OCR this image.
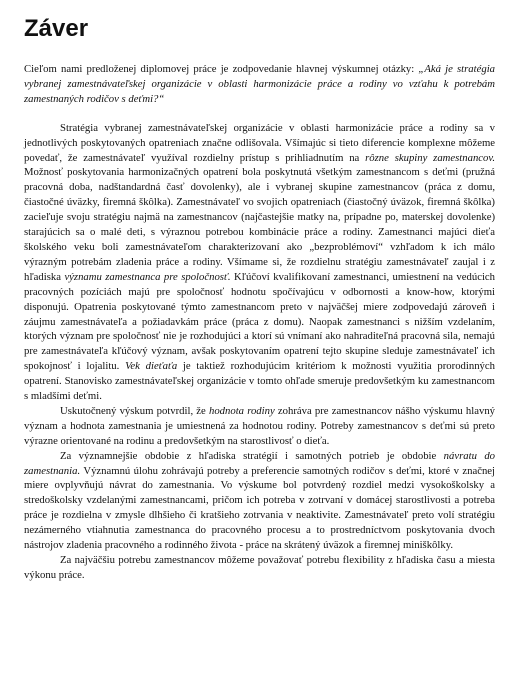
Záver

Cieľom nami predloženej diplomovej práce je zodpovedanie hlavnej výskumnej otázky: „Aká je stratégia vybranej zamestnávateľskej organizácie v oblasti harmonizácie práce a rodiny vo vzťahu k potrebám zamestnaných rodičov s deťmi?“

Stratégia vybranej zamestnávateľskej organizácie v oblasti harmonizácie práce a rodiny sa v jednotlivých poskytovaných opatreniach značne odlišovala. Všímajúc si tieto diferencie komplexne môžeme povedať, že zamestnávateľ využíval rozdielny prístup s prihliadnutím na rôzne skupiny zamestnancov. Možnosť poskytovania harmonizačných opatrení bola poskytnutá všetkým zamestnancom s deťmi (pružná pracovná doba, nadštandardná časť dovolenky), ale i vybranej skupine zamestnancov (práca z domu, čiastočné úväzky, firemná škôlka). Zamestnávateľ vo svojich opatreniach (čiastočný úväzok, firemná škôlka) zacieľuje svoju stratégiu najmä na zamestnancov (najčastejšie matky na, prípadne po, materskej dovolenke) starajúcich sa o malé deti, s výraznou potrebou kombinácie práce a rodiny. Zamestnanci majúci dieťa školského veku boli zamestnávateľom charakterizovaní ako „bezproblémoví“ vzhľadom k ich málo výrazným potrebám zladenia práce a rodiny. Všímame si, že rozdielnu stratégiu zamestnávateľ zaujal i z hľadiska významu zamestnanca pre spoločnosť. Kľúčoví kvalifikovaní zamestnanci, umiestnení na vedúcich pracovných pozíciách majú pre spoločnosť hodnotu spočívajúcu v odbornosti a know-how, ktorými disponujú. Opatrenia poskytované týmto zamestnancom preto v najväčšej miere zodpovedajú zároveň i záujmu zamestnávateľa a požiadavkám práce (práca z domu). Naopak zamestnanci s nižším vzdelaním, ktorých význam pre spoločnosť nie je rozhodujúci a ktorí sú vnímaní ako nahraditeľná pracovná sila, nemajú pre zamestnávateľa kľúčový význam, avšak poskytovaním opatrení tejto skupine sleduje zamestnávateľ ich spokojnosť i lojalitu. Vek dieťaťa je taktiež rozhodujúcim kritériom k možnosti využitia prorodinných opatrení. Stanovisko zamestnávateľskej organizácie v tomto ohľade smeruje predovšetkým ku zamestnancom s mladšími deťmi.

Uskutočnený výskum potvrdil, že hodnota rodiny zohráva pre zamestnancov nášho výskumu hlavný význam a hodnota zamestnania je umiestnená za hodnotou rodiny. Potreby zamestnancov s deťmi sú preto výrazne orientované na rodinu a predovšetkým na starostlivosť o dieťa.

Za významnejšie obdobie z hľadiska stratégií i samotných potrieb je obdobie návratu do zamestnania. Významnú úlohu zohrávajú potreby a preferencie samotných rodičov s deťmi, ktoré v značnej miere ovplyvňujú návrat do zamestnania. Vo výskume bol potvrdený rozdiel medzi vysokoškolsky a stredoškolsky vzdelanými zamestnancami, pričom ich potreba v zotrvaní v domácej starostlivosti a potreba práce je rozdielna v zmysle dlhšieho či kratšieho zotrvania v neaktivite. Zamestnávateľ preto volí stratégiu nezámerného vtiahnutia zamestnanca do pracovného procesu a to prostredníctvom poskytovania dvoch nástrojov zladenia pracovného a rodinného života - práce na skrátený úväzok a firemnej miniškôlky.

Za najväčšiu potrebu zamestnancov môžeme považovať potrebu flexibility z hľadiska času a miesta výkonu práce.
